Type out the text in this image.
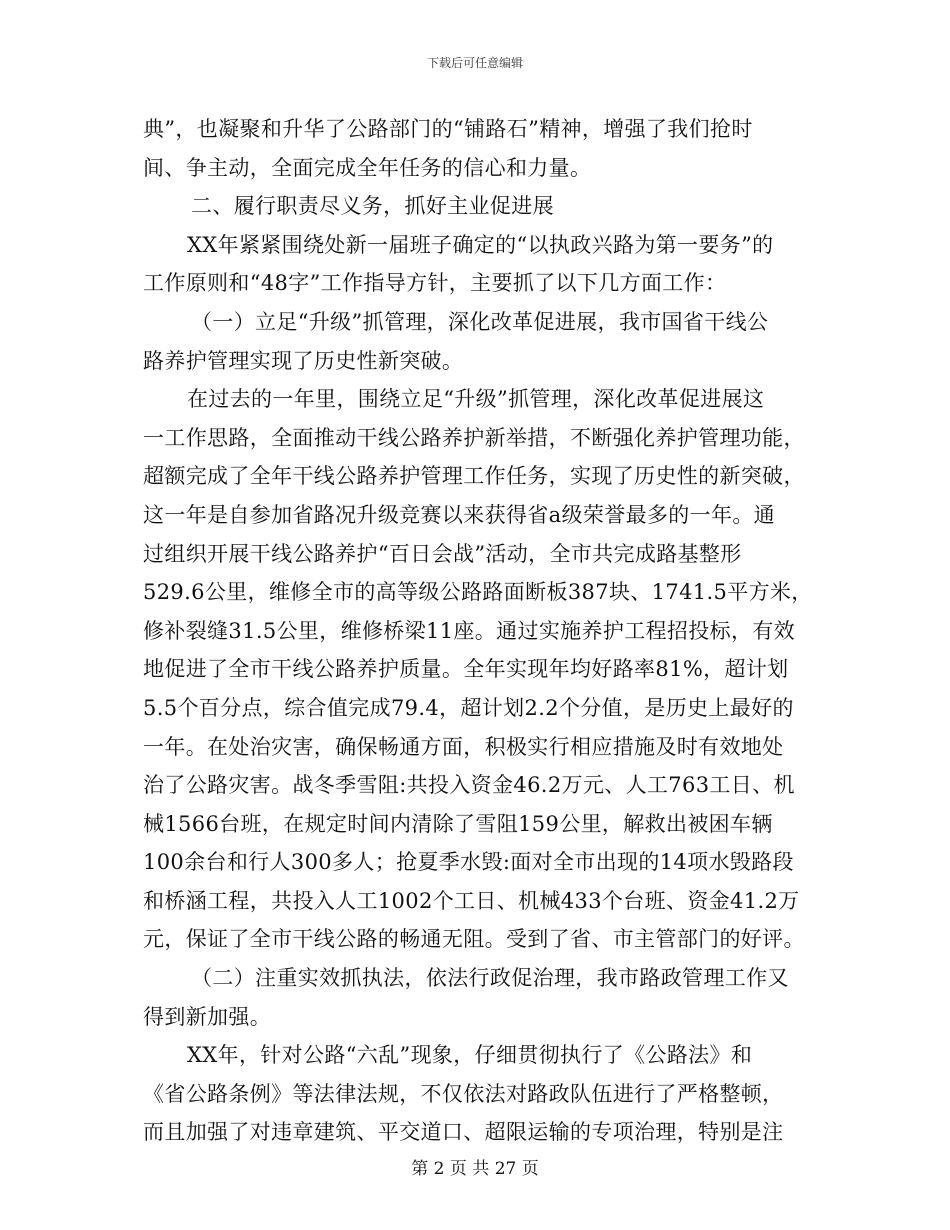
下载后可任意编辑
典”，也凝聚和升华了公路部门的“铺路石”精神，增强了我们抢时
间、争主动，全面完成全年任务的信心和力量。
二、履行职责尽义务，抓好主业促进展
XX年紧紧围绕处新一届班子确定的“以执政兴路为第一要务”的
工作原则和“48字”工作指导方针，主要抓了以下几方面工作：
（一）立足“升级”抓管理，深化改革促进展，我市国省干线公
路养护管理实现了历史性新突破。
在过去的一年里，围绕立足“升级”抓管理，深化改革促进展这
一工作思路，全面推动干线公路养护新举措，不断强化养护管理功能，
超额完成了全年干线公路养护管理工作任务，实现了历史性的新突破，
这一年是自参加省路况升级竞赛以来获得省a级荣誉最多的一年。通
过组织开展干线公路养护“百日会战”活动，全市共完成路基整形
529.6公里，维修全市的高等级公路路面断板387块、1741.5平方米，
修补裂缝31.5公里，维修桥梁11座。通过实施养护工程招投标，有效
地促进了全市干线公路养护质量。全年实现年均好路率81%，超计划
5.5个百分点，综合值完成79.4，超计划2.2个分值，是历史上最好的
一年。在处治灾害，确保畅通方面，积极实行相应措施及时有效地处
治了公路灾害。战冬季雪阻:共投入资金46.2万元、人工763工日、机
械1566台班，在规定时间内清除了雪阻159公里，解救出被困车辆
100余台和行人300多人；抢夏季水毁:面对全市出现的14项水毁路段
和桥涵工程，共投入人工1002个工日、机械433个台班、资金41.2万
元，保证了全市干线公路的畅通无阻。受到了省、市主管部门的好评。
（二）注重实效抓执法，依法行政促治理，我市路政管理工作又
得到新加强。
XX年，针对公路“六乱”现象，仔细贯彻执行了《公路法》和
《省公路条例》等法律法规，不仅依法对路政队伍进行了严格整顿，
而且加强了对违章建筑、平交道口、超限运输的专项治理，特别是注
第 2 页 共 27 页
